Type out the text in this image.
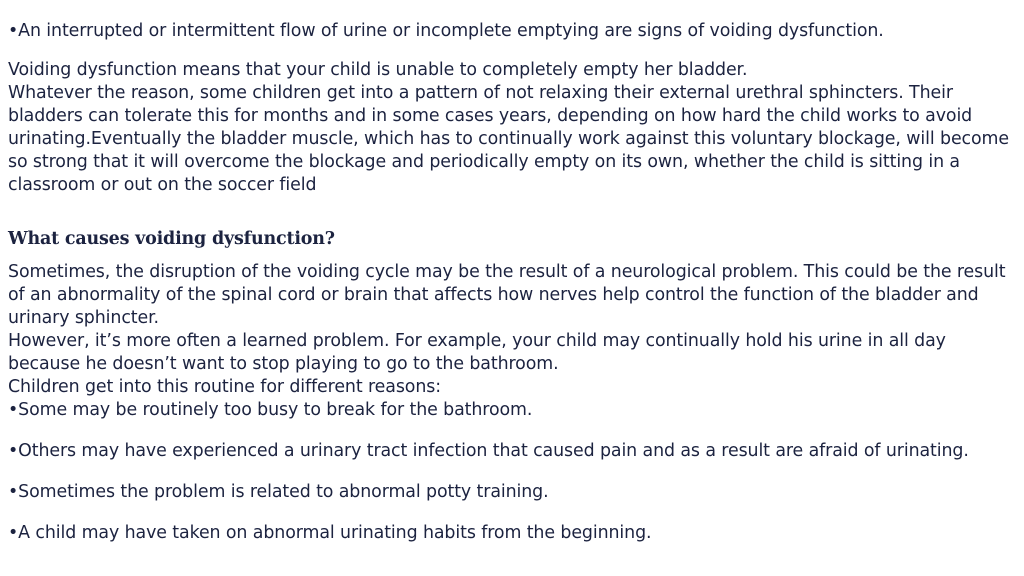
•An interrupted or intermittent flow of urine or incomplete emptying are signs of voiding dysfunction.

Voiding dysfunction means that your child is unable to completely empty her bladder.
Whatever the reason, some children get into a pattern of not relaxing their external urethral sphincters. Their bladders can tolerate this for months and in some cases years, depending on how hard the child works to avoid urinating.Eventually the bladder muscle, which has to continually work against this voluntary blockage, will become so strong that it will overcome the blockage and periodically empty on its own, whether the child is sitting in a classroom or out on the soccer field

What causes voiding dysfunction?

Sometimes, the disruption of the voiding cycle may be the result of a neurological problem. This could be the result of an abnormality of the spinal cord or brain that affects how nerves help control the function of the bladder and urinary sphincter.
However, it’s more often a learned problem. For example, your child may continually hold his urine in all day because he doesn’t want to stop playing to go to the bathroom.
Children get into this routine for different reasons:
•Some may be routinely too busy to break for the bathroom.

•Others may have experienced a urinary tract infection that caused pain and as a result are afraid of urinating.

•Sometimes the problem is related to abnormal potty training.

•A child may have taken on abnormal urinating habits from the beginning.
